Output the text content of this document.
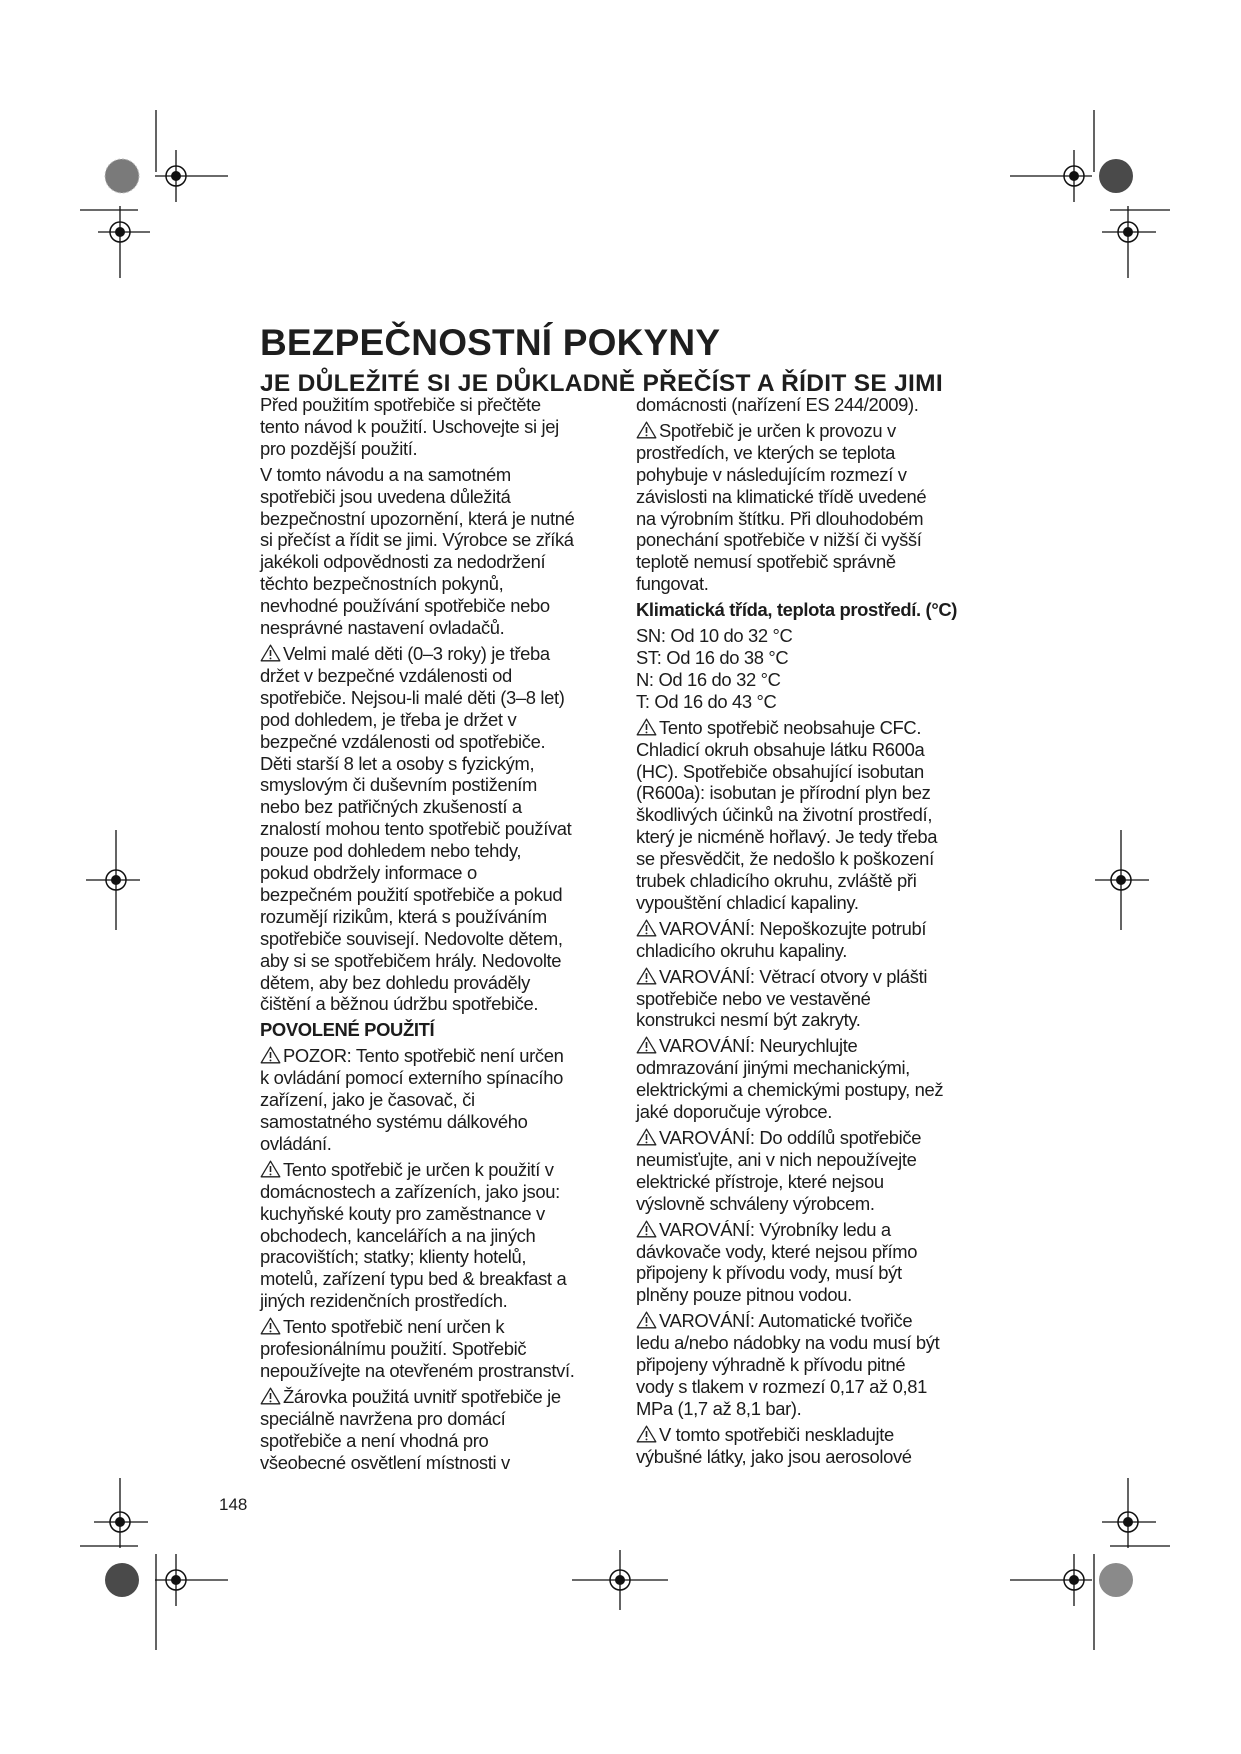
BEZPEČNOSTNÍ POKYNY
JE DŮLEŽITÉ SI JE DŮKLADNĚ PŘEČÍST A ŘÍDIT SE JIMI

Před použitím spotřebiče si přečtěte
tento návod k použití. Uschovejte si jej
pro pozdější použití.

V tomto návodu a na samotném
spotřebiči jsou uvedena důležitá
bezpečnostní upozornění, která je nutné
si přečíst a řídit se jimi. Výrobce se zříká
jakékoli odpovědnosti za nedodržení
těchto bezpečnostních pokynů,
nevhodné používání spotřebiče nebo
nesprávné nastavení ovladačů.

Velmi malé děti (0–3 roky) je třeba
držet v bezpečné vzdálenosti od
spotřebiče. Nejsou-li malé děti (3–8 let)
pod dohledem, je třeba je držet v
bezpečné vzdálenosti od spotřebiče.
Děti starší 8 let a osoby s fyzickým,
smyslovým či duševním postižením
nebo bez patřičných zkušeností a
znalostí mohou tento spotřebič používat
pouze pod dohledem nebo tehdy,
pokud obdržely informace o
bezpečném použití spotřebiče a pokud
rozumějí rizikům, která s používáním
spotřebiče souvisejí. Nedovolte dětem,
aby si se spotřebičem hrály. Nedovolte
dětem, aby bez dohledu prováděly
čištění a běžnou údržbu spotřebiče.

POVOLENÉ POUŽITÍ

POZOR: Tento spotřebič není určen
k ovládání pomocí externího spínacího
zařízení, jako je časovač, či
samostatného systému dálkového
ovládání.

Tento spotřebič je určen k použití v
domácnostech a zařízeních, jako jsou:
kuchyňské kouty pro zaměstnance v
obchodech, kancelářích a na jiných
pracovištích; statky; klienty hotelů,
motelů, zařízení typu bed & breakfast a
jiných rezidenčních prostředích.

Tento spotřebič není určen k
profesionálnímu použití. Spotřebič
nepoužívejte na otevřeném prostranství.

Žárovka použitá uvnitř spotřebiče je
speciálně navržena pro domácí
spotřebiče a není vhodná pro
všeobecné osvětlení místnosti v

domácnosti (nařízení ES 244/2009).

Spotřebič je určen k provozu v
prostředích, ve kterých se teplota
pohybuje v následujícím rozmezí v
závislosti na klimatické třídě uvedené
na výrobním štítku. Při dlouhodobém
ponechání spotřebiče v nižší či vyšší
teplotě nemusí spotřebič správně
fungovat.

Klimatická třída, teplota prostředí. (°C)

SN: Od 10 do 32 °C
ST: Od 16 do 38 °C
N: Od 16 do 32 °C
T: Od 16 do 43 °C

Tento spotřebič neobsahuje CFC.
Chladicí okruh obsahuje látku R600a
(HC). Spotřebiče obsahující isobutan
(R600a): isobutan je přírodní plyn bez
škodlivých účinků na životní prostředí,
který je nicméně hořlavý. Je tedy třeba
se přesvědčit, že nedošlo k poškození
trubek chladicího okruhu, zvláště při
vypouštění chladicí kapaliny.

VAROVÁNÍ: Nepoškozujte potrubí
chladicího okruhu kapaliny.

VAROVÁNÍ: Větrací otvory v plášti
spotřebiče nebo ve vestavěné
konstrukci nesmí být zakryty.

VAROVÁNÍ: Neurychlujte
odmrazování jinými mechanickými,
elektrickými a chemickými postupy, než
jaké doporučuje výrobce.

VAROVÁNÍ: Do oddílů spotřebiče
neumisťujte, ani v nich nepoužívejte
elektrické přístroje, které nejsou
výslovně schváleny výrobcem.

VAROVÁNÍ: Výrobníky ledu a
dávkovače vody, které nejsou přímo
připojeny k přívodu vody, musí být
plněny pouze pitnou vodou.

VAROVÁNÍ: Automatické tvořiče
ledu a/nebo nádobky na vodu musí být
připojeny výhradně k přívodu pitné
vody s tlakem v rozmezí 0,17 až 0,81
MPa (1,7 až 8,1 bar).

V tomto spotřebiči neskladujte
výbušné látky, jako jsou aerosolové

148
